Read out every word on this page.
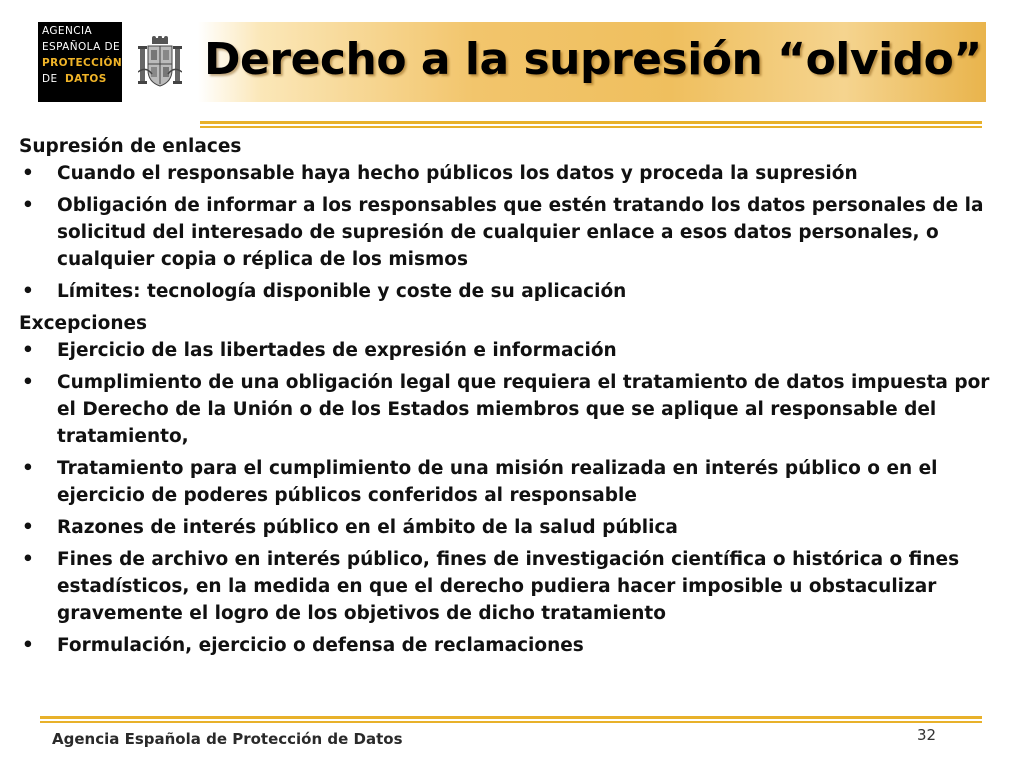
AGENCIA
ESPAÑOLA DE
PROTECCIÓN
DE DATOS	Derecho a la supresión “olvido”

Supresión de enlaces

• Cuando el responsable haya hecho públicos los datos y proceda la supresión
• Obligación de informar a los responsables que estén tratando los datos personales de la solicitud del interesado de supresión de cualquier enlace a esos datos personales, o cualquier copia o réplica de los mismos
• Límites: tecnología disponible y coste de su aplicación

Excepciones

• Ejercicio de las libertades de expresión e información
• Cumplimiento de una obligación legal que requiera el tratamiento de datos impuesta por el Derecho de la Unión o de los Estados miembros que se aplique al responsable del tratamiento,
• Tratamiento para el cumplimiento de una misión realizada en interés público o en el ejercicio de poderes públicos conferidos al responsable
• Razones de interés público en el ámbito de la salud pública
• Fines de archivo en interés público, fines de investigación científica o histórica o fines estadísticos, en la medida en que el derecho pudiera hacer imposible u obstaculizar gravemente el logro de los objetivos de dicho tratamiento
• Formulación, ejercicio o defensa de reclamaciones
Agencia Española de Protección de Datos	32
